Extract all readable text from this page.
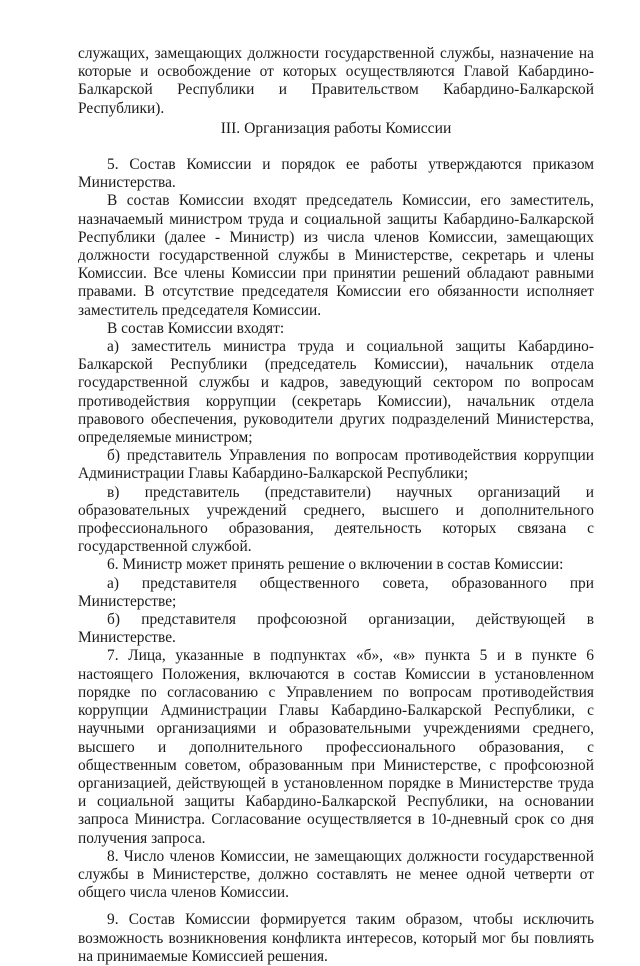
служащих, замещающих должности государственной службы, назначение на которые и освобождение от которых осуществляются Главой Кабардино-Балкарской Республики и Правительством Кабардино-Балкарской Республики).

III. Организация работы Комиссии

5. Состав Комиссии и порядок ее работы утверждаются приказом Министерства.

В состав Комиссии входят председатель Комиссии, его заместитель, назначаемый министром труда и социальной защиты Кабардино-Балкарской Республики (далее - Министр) из числа членов Комиссии, замещающих должности государственной службы в Министерстве, секретарь и члены Комиссии. Все члены Комиссии при принятии решений обладают равными правами. В отсутствие председателя Комиссии его обязанности исполняет заместитель председателя Комиссии.

В состав Комиссии входят:

а) заместитель министра труда и социальной защиты Кабардино-Балкарской Республики (председатель Комиссии), начальник отдела государственной службы и кадров, заведующий сектором по вопросам противодействия коррупции (секретарь Комиссии), начальник отдела правового обеспечения, руководители других подразделений Министерства, определяемые министром;

б) представитель Управления по вопросам противодействия коррупции Администрации Главы Кабардино-Балкарской Республики;

в) представитель (представители) научных организаций и образовательных учреждений среднего, высшего и дополнительного профессионального образования, деятельность которых связана с государственной службой.

6. Министр может принять решение о включении в состав Комиссии:

а) представителя общественного совета, образованного при Министерстве;

б) представителя профсоюзной организации, действующей в Министерстве.

7. Лица, указанные в подпунктах «б», «в» пункта 5 и в пункте 6 настоящего Положения, включаются в состав Комиссии в установленном порядке по согласованию с Управлением по вопросам противодействия коррупции Администрации Главы Кабардино-Балкарской Республики, с научными организациями и образовательными учреждениями среднего, высшего и дополнительного профессионального образования, с общественным советом, образованным при Министерстве, с профсоюзной организацией, действующей в установленном порядке в Министерстве труда и социальной защиты Кабардино-Балкарской Республики, на основании запроса Министра. Согласование осуществляется в 10-дневный срок со дня получения запроса.

8. Число членов Комиссии, не замещающих должности государственной службы в Министерстве, должно составлять не менее одной четверти от общего числа членов Комиссии.

9. Состав Комиссии формируется таким образом, чтобы исключить возможность возникновения конфликта интересов, который мог бы повлиять на принимаемые Комиссией решения.
